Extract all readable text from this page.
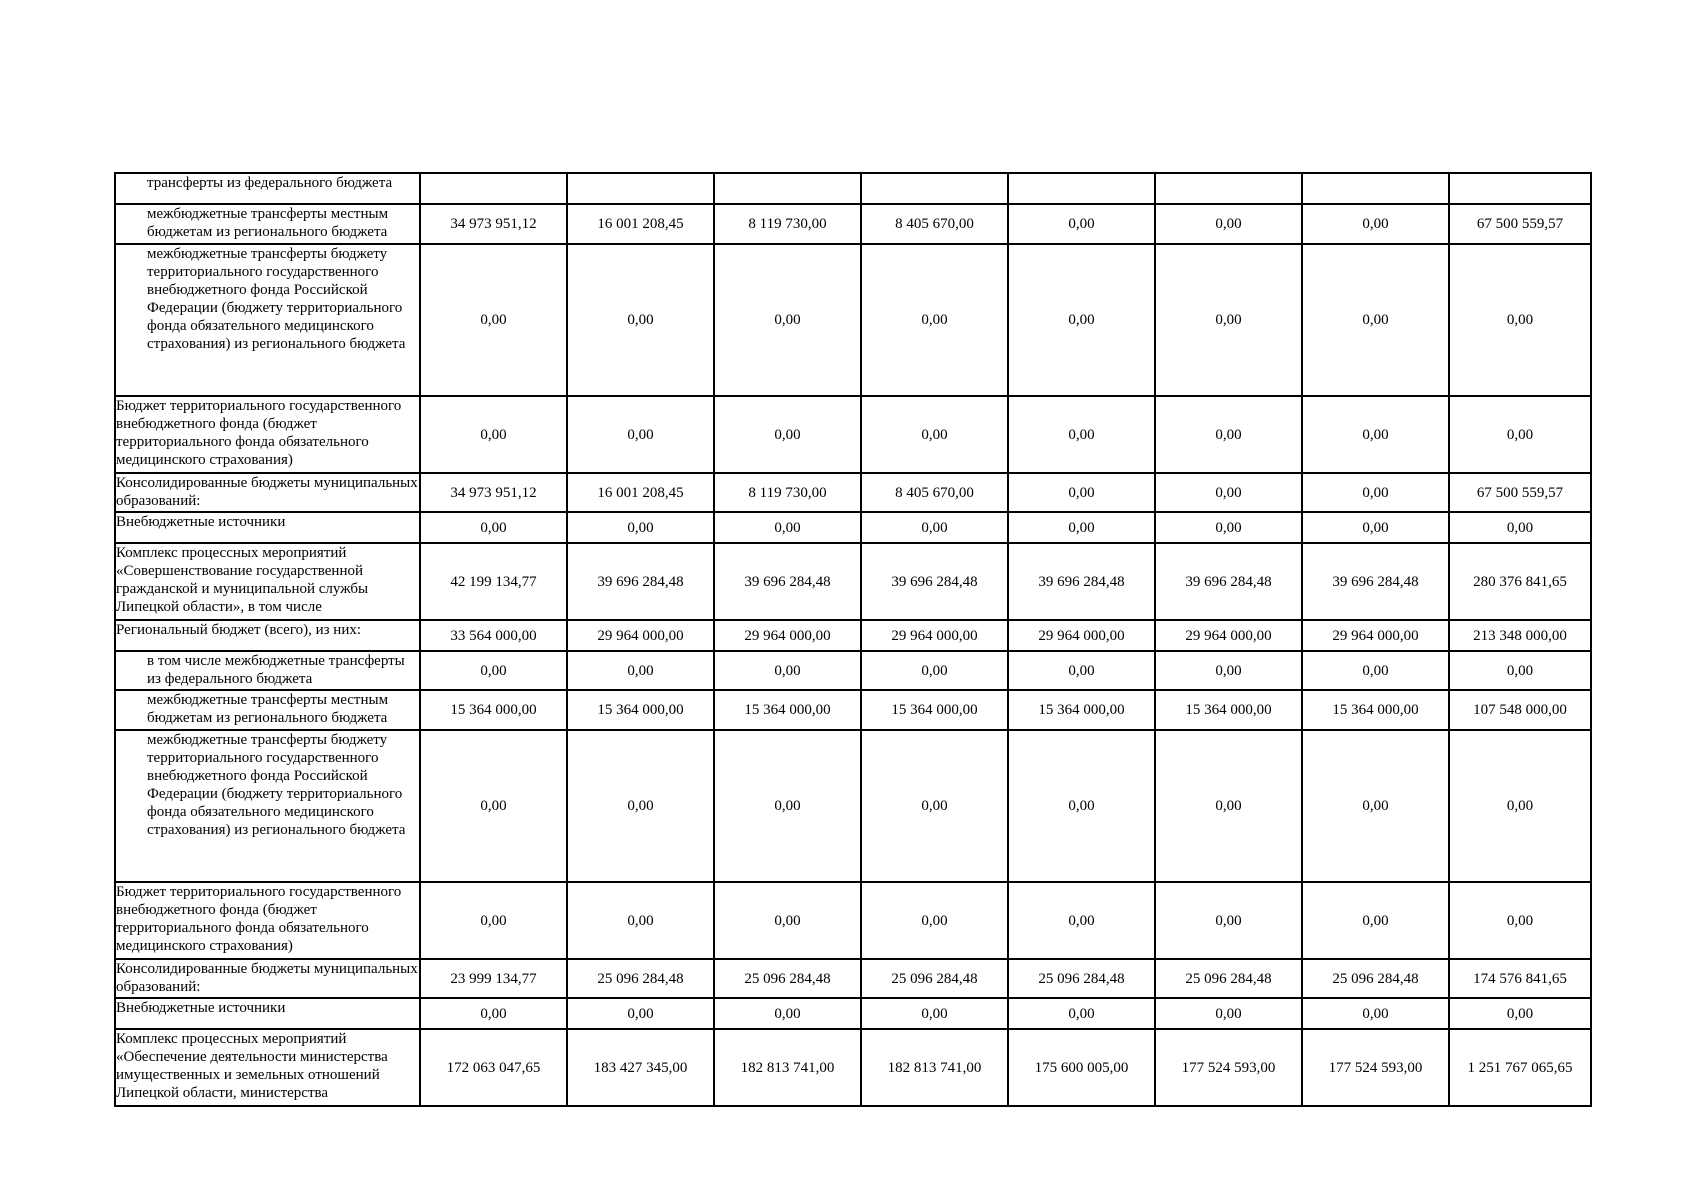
трансферты из федерального бюджета								
межбюджетные трансферты местным бюджетам из регионального бюджета	34 973 951,12	16 001 208,45	8 119 730,00	8 405 670,00	0,00	0,00	0,00	67 500 559,57
межбюджетные трансферты бюджету территориального государственного внебюджетного фонда Российской Федерации (бюджету территориального фонда обязательного медицинского страхования) из регионального бюджета	0,00	0,00	0,00	0,00	0,00	0,00	0,00	0,00
Бюджет территориального государственного внебюджетного фонда (бюджет территориального фонда обязательного медицинского страхования)	0,00	0,00	0,00	0,00	0,00	0,00	0,00	0,00
Консолидированные бюджеты муниципальных образований:	34 973 951,12	16 001 208,45	8 119 730,00	8 405 670,00	0,00	0,00	0,00	67 500 559,57
Внебюджетные источники	0,00	0,00	0,00	0,00	0,00	0,00	0,00	0,00
Комплекс процессных мероприятий «Совершенствование государственной гражданской и муниципальной службы Липецкой области», в том числе	42 199 134,77	39 696 284,48	39 696 284,48	39 696 284,48	39 696 284,48	39 696 284,48	39 696 284,48	280 376 841,65
Региональный бюджет (всего), из них:	33 564 000,00	29 964 000,00	29 964 000,00	29 964 000,00	29 964 000,00	29 964 000,00	29 964 000,00	213 348 000,00
в том числе межбюджетные трансферты из федерального бюджета	0,00	0,00	0,00	0,00	0,00	0,00	0,00	0,00
межбюджетные трансферты местным бюджетам из регионального бюджета	15 364 000,00	15 364 000,00	15 364 000,00	15 364 000,00	15 364 000,00	15 364 000,00	15 364 000,00	107 548 000,00
межбюджетные трансферты бюджету территориального государственного внебюджетного фонда Российской Федерации (бюджету территориального фонда обязательного медицинского страхования) из регионального бюджета	0,00	0,00	0,00	0,00	0,00	0,00	0,00	0,00
Бюджет территориального государственного внебюджетного фонда (бюджет территориального фонда обязательного медицинского страхования)	0,00	0,00	0,00	0,00	0,00	0,00	0,00	0,00
Консолидированные бюджеты муниципальных образований:	23 999 134,77	25 096 284,48	25 096 284,48	25 096 284,48	25 096 284,48	25 096 284,48	25 096 284,48	174 576 841,65
Внебюджетные источники	0,00	0,00	0,00	0,00	0,00	0,00	0,00	0,00
Комплекс процессных мероприятий «Обеспечение деятельности министерства имущественных и земельных отношений Липецкой области, министерства	172 063 047,65	183 427 345,00	182 813 741,00	182 813 741,00	175 600 005,00	177 524 593,00	177 524 593,00	1 251 767 065,65
